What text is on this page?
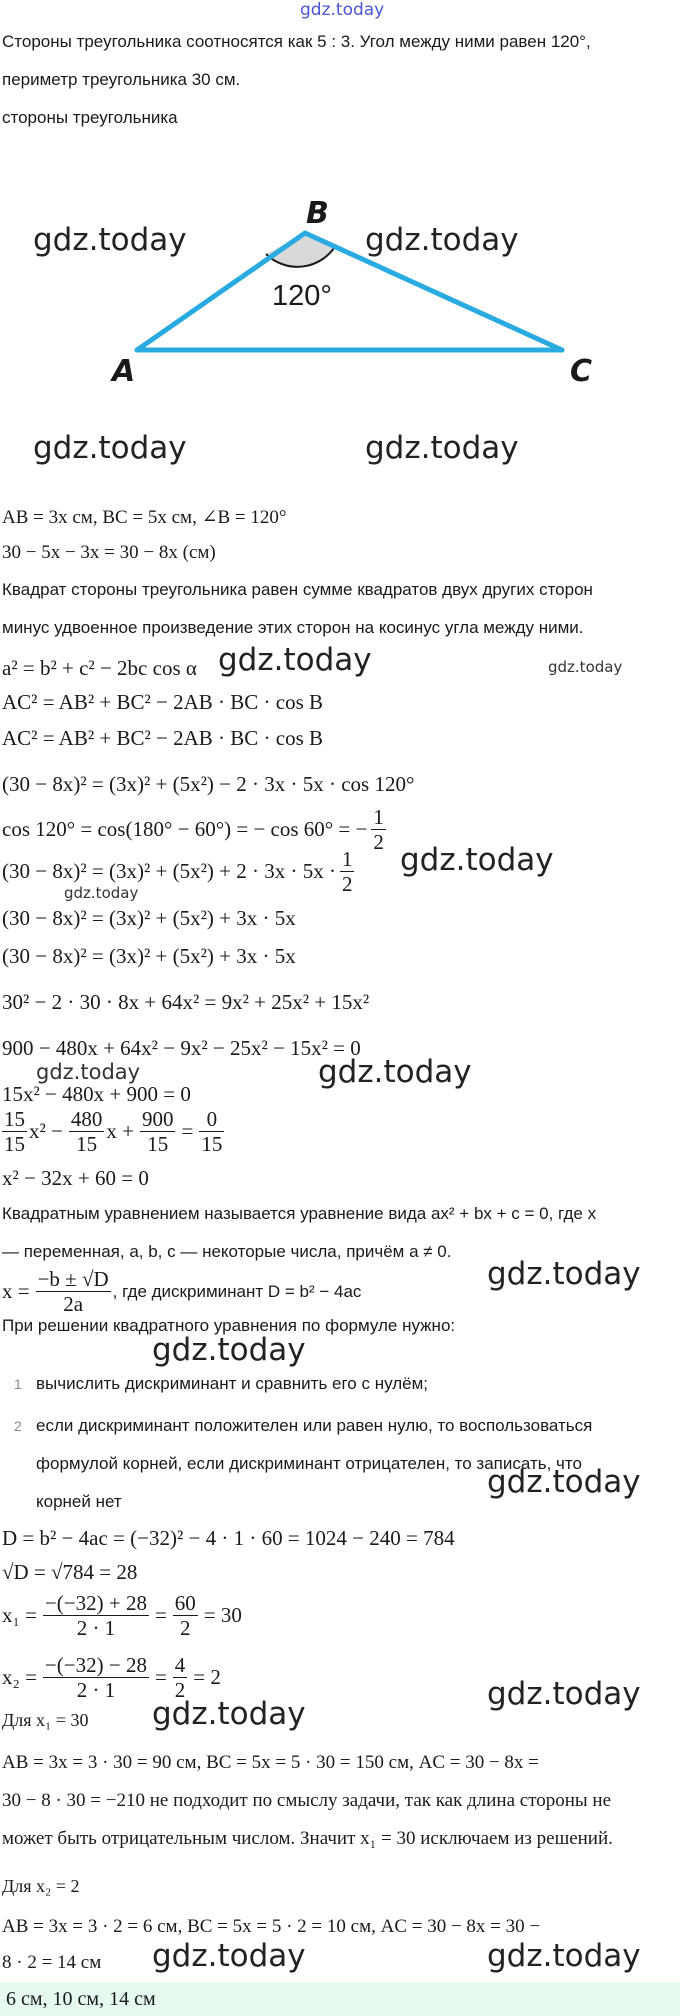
gdz.today
Стороны треугольника соотносятся как 5 : 3. Угол между ними равен 120°,
периметр треугольника 30 см.
стороны треугольника
B
A	C
120°
gdz.today	gdz.today
gdz.today	gdz.today
AB = 3x см, BC = 5x см, ∠B = 120°
30 − 5x − 3x = 30 − 8x (см)
Квадрат стороны треугольника равен сумме квадратов двух других сторон
минус удвоенное произведение этих сторон на косинус угла между ними.
a² = b² + c² − 2bc cos α gdz.today	gdz.today
AC² = AB² + BC² − 2AB · BC · cos B
AC² = AB² + BC² − 2AB · BC · cos B
(30 − 8x)² = (3x)² + (5x²) − 2 · 3x · 5x · cos 120°
cos 120° = cos(180° − 60°) = − cos 60° = − $\frac{1}{2}$
$(30 - 8x)^2 = (3x)^2 + (5x^2) + 2 \cdot 3x \cdot 5x \cdot \frac{1}{2}$ gdz.today
gdz.today
(30 − 8x)² = (3x)² + (5x²) + 3x · 5x
(30 − 8x)² = (3x)² + (5x²) + 3x · 5x
30² − 2 · 30 · 8x + 64x² = 9x² + 25x² + 15x²
900 − 480x + 64x² − 9x² − 25x² − 15x² = 0
gdz.today	gdz.today
15x² − 480x + 900 = 0
$\frac{15}{15} x^2 - \frac{480}{15}$ $x + \frac{900}{15} = \frac{0}{15}$
x² − 32x + 60 = 0
Квадратным уравнением называется уравнение вида ax² + bx + c = 0, где x
— переменная, a, b, c — некоторые числа, причём a ≠ 0.
$x = \frac{-b \pm √D}{2a}$ , где дискриминант D = b² − 4ac	gdz.today
При решении квадратного уравнения по формуле нужно:
gdz.today
1 вычислить дискриминант и сравнить его с нулём;
2 если дискриминант положителен или равен нулю, то воспользоваться
формулой корней, если дискриминант отрицателен, то записать, что
корней нет
gdz.today
D = b² − 4ac = (−32)² − 4 · 1 · 60 = 1024 − 240 = 784
√D = √784 = 28
$x_1 = \frac{-(-32) + 28}{2 \cdot 1} = \frac{60}{2} = 30$
$x_2 = \frac{-(-32) - 28}{2 \cdot 1} = \frac{4}{2} = 2$
Для x₁ = 30 gdz.today
gdz.today
AB = 3x = 3 · 30 = 90 см, BC = 5x = 5 · 30 = 150 см, AC = 30 − 8x =
30 − 8 · 30 = −210 не подходит по смыслу задачи, так как длина стороны не
может быть отрицательным числом. Значит x₁ = 30 исключаем из решений.
Для x₂ = 2
AB = 3x = 3 · 2 = 6 см, BC = 5x = 5 · 2 = 10 см, AC = 30 − 8x = 30 −
8 · 2 = 14 см gdz.today	gdz.today
6 см, 10 см, 14 см
